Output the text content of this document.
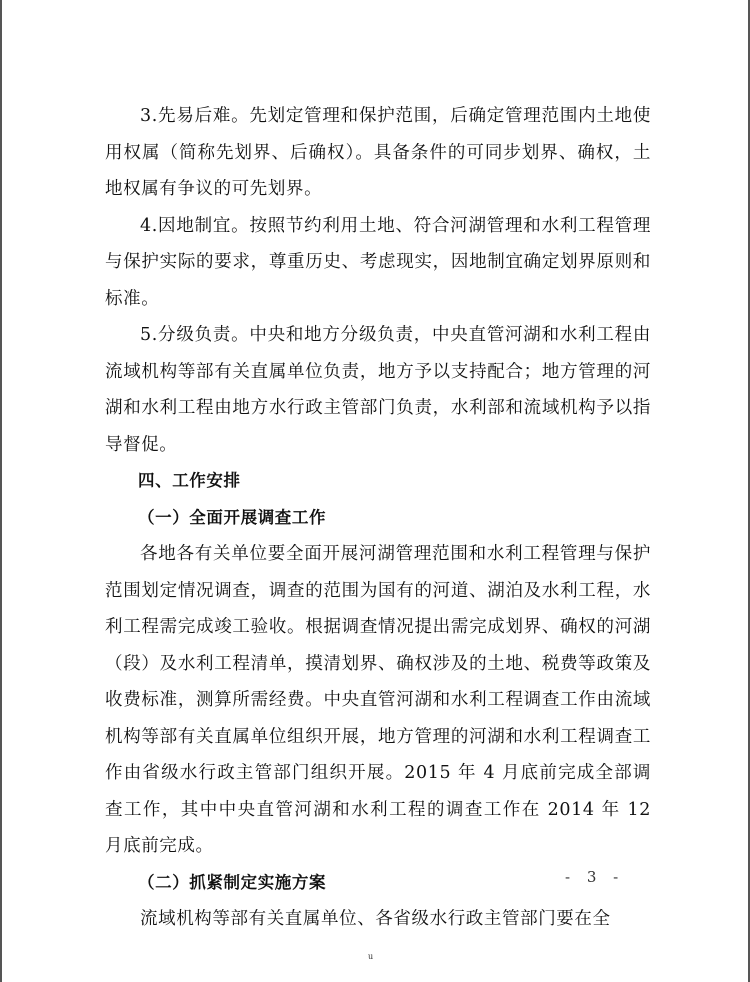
3.先易后难。先划定管理和保护范围，后确定管理范围内土地使用权属（简称先划界、后确权）。具备条件的可同步划界、确权，土地权属有争议的可先划界。

4.因地制宜。按照节约利用土地、符合河湖管理和水利工程管理与保护实际的要求，尊重历史、考虑现实，因地制宜确定划界原则和标准。

5.分级负责。中央和地方分级负责，中央直管河湖和水利工程由流域机构等部有关直属单位负责，地方予以支持配合；地方管理的河湖和水利工程由地方水行政主管部门负责，水利部和流域机构予以指导督促。

四、工作安排

（一）全面开展调查工作

各地各有关单位要全面开展河湖管理范围和水利工程管理与保护范围划定情况调查，调查的范围为国有的河道、湖泊及水利工程，水利工程需完成竣工验收。根据调查情况提出需完成划界、确权的河湖（段）及水利工程清单，摸清划界、确权涉及的土地、税费等政策及收费标准，测算所需经费。中央直管河湖和水利工程调查工作由流域机构等部有关直属单位组织开展，地方管理的河湖和水利工程调查工作由省级水行政主管部门组织开展。2015 年 4 月底前完成全部调查工作，其中中央直管河湖和水利工程的调查工作在 2014 年 12 月底前完成。

（二）抓紧制定实施方案

流域机构等部有关直属单位、各省级水行政主管部门要在全

- 3 -
u
